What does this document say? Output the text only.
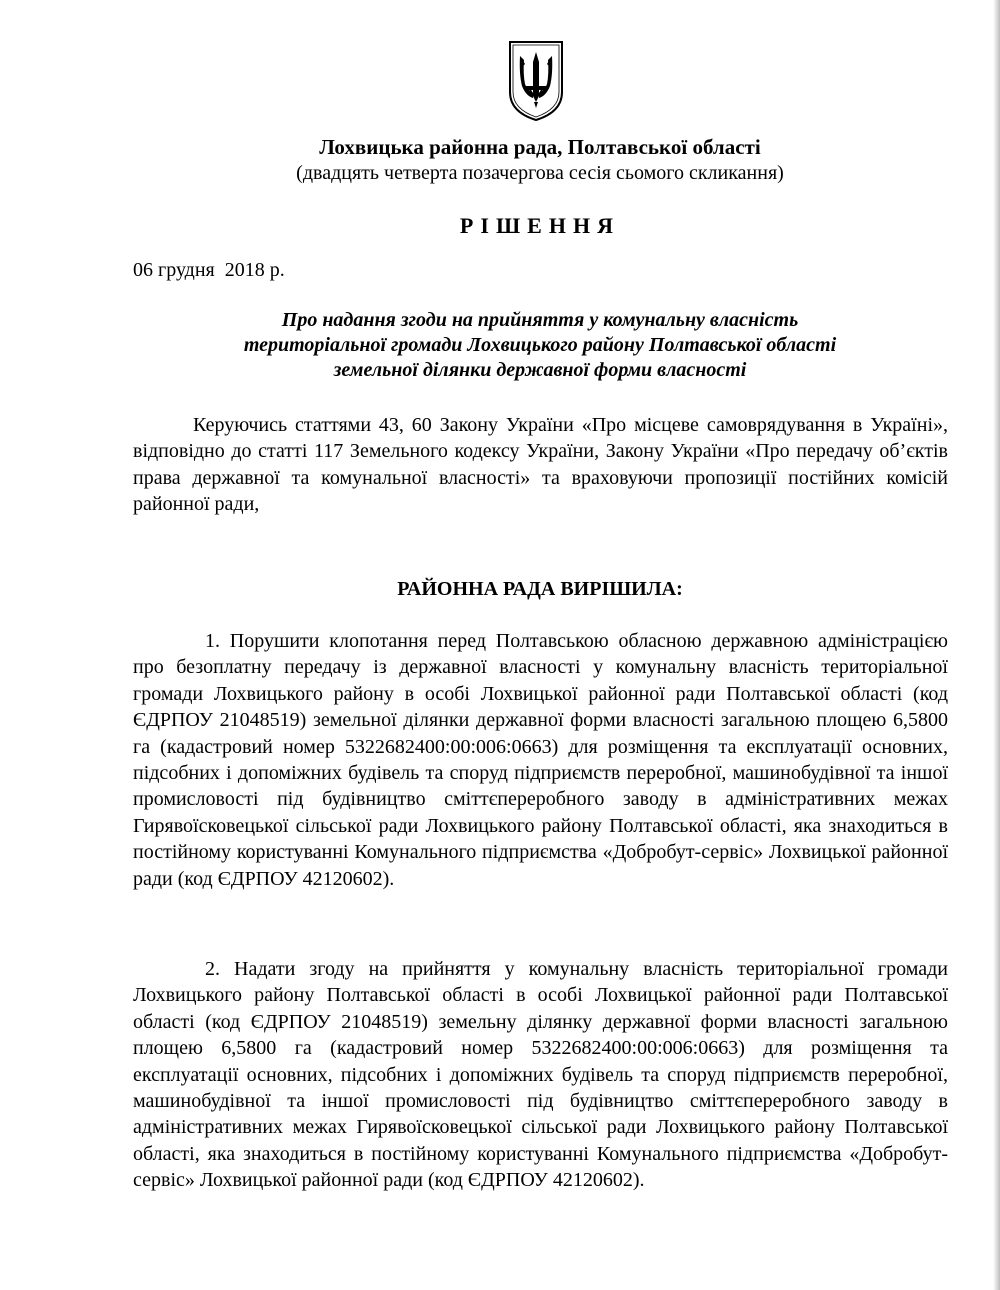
Лохвицька районна рада, Полтавської області
(двадцять четверта позачергова сесія сьомого скликання)
РІШЕННЯ
06 грудня  2018 р.
Про надання згоди на прийняття у комунальну власність
територіальної громади Лохвицького району Полтавської області
земельної ділянки державної форми власності
Керуючись статтями 43, 60 Закону України «Про місцеве самоврядування в Україні», відповідно до статті 117 Земельного кодексу України, Закону України «Про передачу об’єктів права державної та комунальної власності» та враховуючи пропозиції постійних комісій районної ради,
РАЙОННА РАДА ВИРІШИЛА:
1. Порушити клопотання перед Полтавською обласною державною адміністрацією про безоплатну передачу із державної власності у комунальну власність територіальної громади Лохвицького району в особі Лохвицької районної ради Полтавської області (код ЄДРПОУ 21048519) земельної ділянки державної форми власності загальною площею 6,5800 га (кадастровий номер 5322682400:00:006:0663) для розміщення та експлуатації основних, підсобних і допоміжних будівель та споруд підприємств переробної, машинобудівної та іншої промисловості під будівництво сміттєпереробного заводу в адміністративних межах Гирявоїсковецької сільської ради Лохвицького району Полтавської області, яка знаходиться в постійному користуванні Комунального підприємства «Добробут-сервіс» Лохвицької районної ради (код ЄДРПОУ 42120602).
2. Надати згоду на прийняття у комунальну власність територіальної громади Лохвицького району Полтавської області в особі Лохвицької районної ради Полтавської області (код ЄДРПОУ 21048519) земельну ділянку державної форми власності загальною площею 6,5800 га (кадастровий номер 5322682400:00:006:0663) для розміщення та експлуатації основних, підсобних і допоміжних будівель та споруд підприємств переробної, машинобудівної та іншої промисловості під будівництво сміттєпереробного заводу в адміністративних межах Гирявоїсковецької сільської ради Лохвицького району Полтавської області, яка знаходиться в постійному користуванні Комунального підприємства «Добробут-сервіс» Лохвицької районної ради (код ЄДРПОУ 42120602).
